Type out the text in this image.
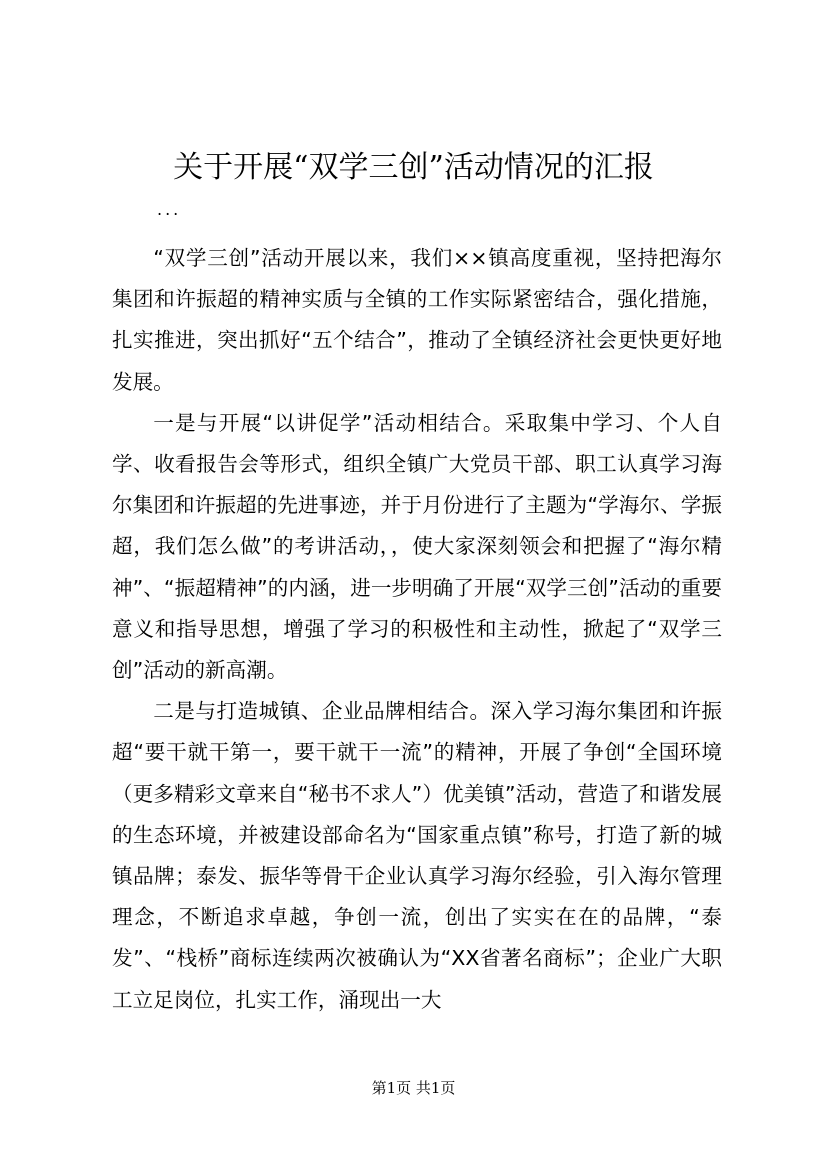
关于开展“双学三创”活动情况的汇报
...

“双学三创”活动开展以来，我们××镇高度重视，坚持把海尔集团和许振超的精神实质与全镇的工作实际紧密结合，强化措施，扎实推进，突出抓好“五个结合”，推动了全镇经济社会更快更好地发展。

一是与开展“以讲促学”活动相结合。采取集中学习、个人自学、收看报告会等形式，组织全镇广大党员干部、职工认真学习海尔集团和许振超的先进事迹，并于月份进行了主题为“学海尔、学振超，我们怎么做”的考讲活动，，使大家深刻领会和把握了“海尔精神”、“振超精神”的内涵，进一步明确了开展“双学三创”活动的重要意义和指导思想，增强了学习的积极性和主动性，掀起了“双学三创”活动的新高潮。

二是与打造城镇、企业品牌相结合。深入学习海尔集团和许振超“要干就干第一，要干就干一流”的精神，开展了争创“全国环境（更多精彩文章来自“秘书不求人”）优美镇”活动，营造了和谐发展的生态环境，并被建设部命名为“国家重点镇”称号，打造了新的城镇品牌；泰发、振华等骨干企业认真学习海尔经验，引入海尔管理理念，不断追求卓越，争创一流，创出了实实在在的品牌，“泰发”、“栈桥”商标连续两次被确认为“XX省著名商标”；企业广大职工立足岗位，扎实工作，涌现出一大

第1页 共1页
